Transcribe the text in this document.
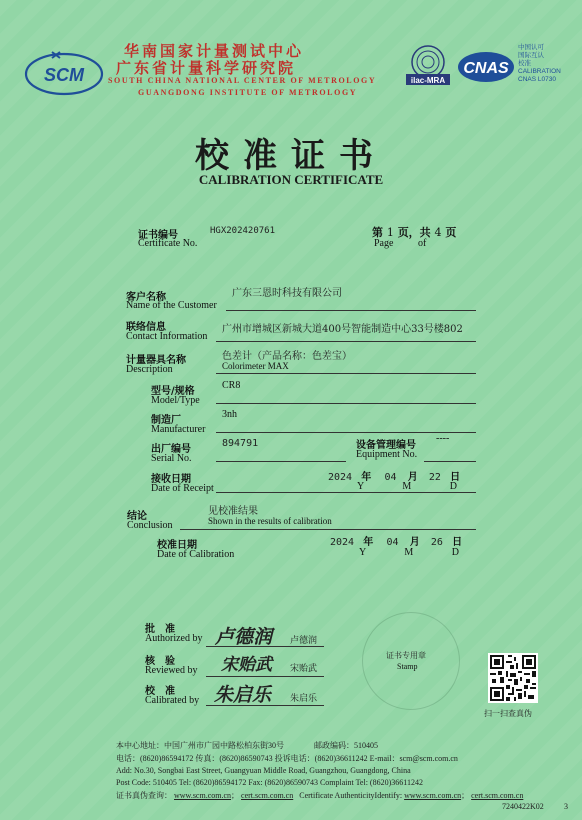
SCM
华南国家计量测试中心
广东省计量科学研究院
SOUTH CHINA NATIONAL CENTER OF METROLOGY
GUANGDONG INSTITUTE OF METROLOGY
ilac-MRA
CNAS
中国认可
国际互认
校准
CALIBRATION
CNAS L0730
校准证书
CALIBRATION CERTIFICATE
证书编号
Certificate No.
HGX202420761	第 1 页，共 4 页
Page of
客户名称
Name of the Customer
广东三恩时科技有限公司
联络信息
Contact Information
广州市增城区新城大道400号智能制造中心33号楼802
计量器具名称
Description
色差计（产品名称：色差宝）
Colorimeter MAX
型号/规格
Model/Type
CR8
制造厂
Manufacturer
3nh
出厂编号
Serial No.
894791	设备管理编号
Equipment No.
----
接收日期
Date of Receipt
2024 年 04 月 22 日
Y	M	D
结论
Conclusion
见校准结果
Shown in the results of calibration
校准日期
Date of Calibration
2024 年 04 月 26 日
Y	M	D
批　准
Authorized by 卢德润 卢德润
核　验
Reviewed by 宋贻武 宋贻武
校　准
Calibrated by 朱启乐 朱启乐
证书专用章
Stamp
扫一扫查真伪
本中心地址：中国广州市广园中路松柏东街30号	邮政编码：510405
电话：(8620)86594172 传真：(8620)86590743 投诉电话：(8620)36611242 E-mail：scm@scm.com.cn
Add: No.30, Songbai East Street, Guangyuan Middle Road, Guangzhou, Guangdong, China
Post Code: 510405 Tel: (8620)86594172 Fax: (8620)86590743 Complaint Tel: (8620)36611242
证书真伪查询： www.scm.com.cn； cert.scm.com.cn Certificate AuthenticityIdentify: www.scm.com.cn； cert.scm.com.cn
7240422K02	3
